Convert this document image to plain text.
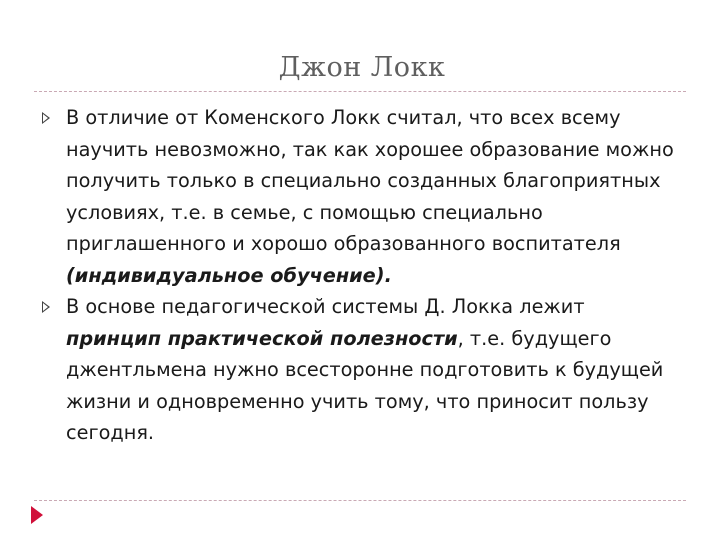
Джон Локк
В отличие от Коменского Локк считал, что всех всему научить невозможно, так как хорошее образование можно получить только в специально созданных благоприятных условиях, т.е. в семье, с помощью специально приглашенного и хорошо образованного воспитателя (индивидуальное обучение).
В основе педагогической системы Д. Локка лежит принцип практической полезности, т.е. будущего джентльмена нужно всесторонне подготовить к будущей жизни и одновременно учить тому, что приносит пользу сегодня.
